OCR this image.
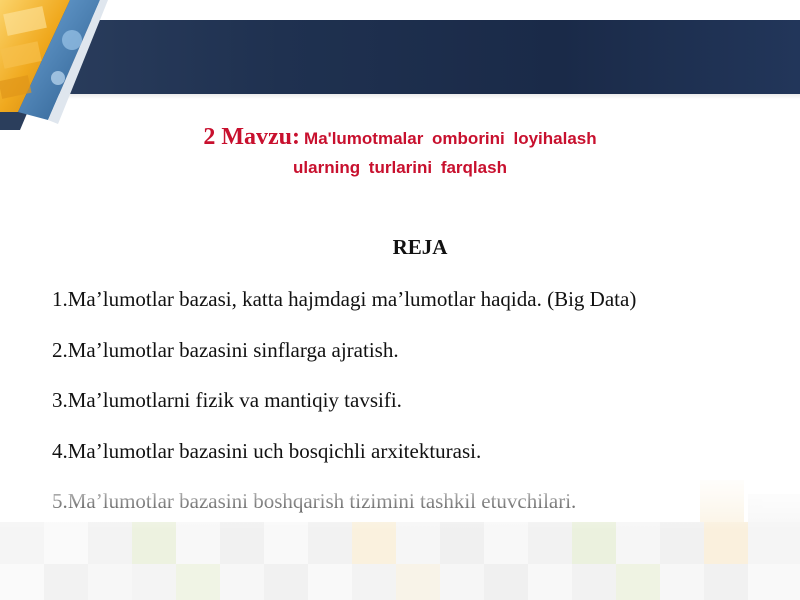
2 Mavzu: Ma'lumotmalar omborini loyihalash
ularning turlarini farqlash
REJA
1.Ma’lumotlar bazasi, katta hajmdagi ma’lumotlar haqida. (Big Data)
2.Ma’lumotlar bazasini sinflarga ajratish.
3.Ma’lumotlarni fizik va mantiqiy tavsifi.
4.Ma’lumotlar bazasini uch bosqichli arxitekturasi.
